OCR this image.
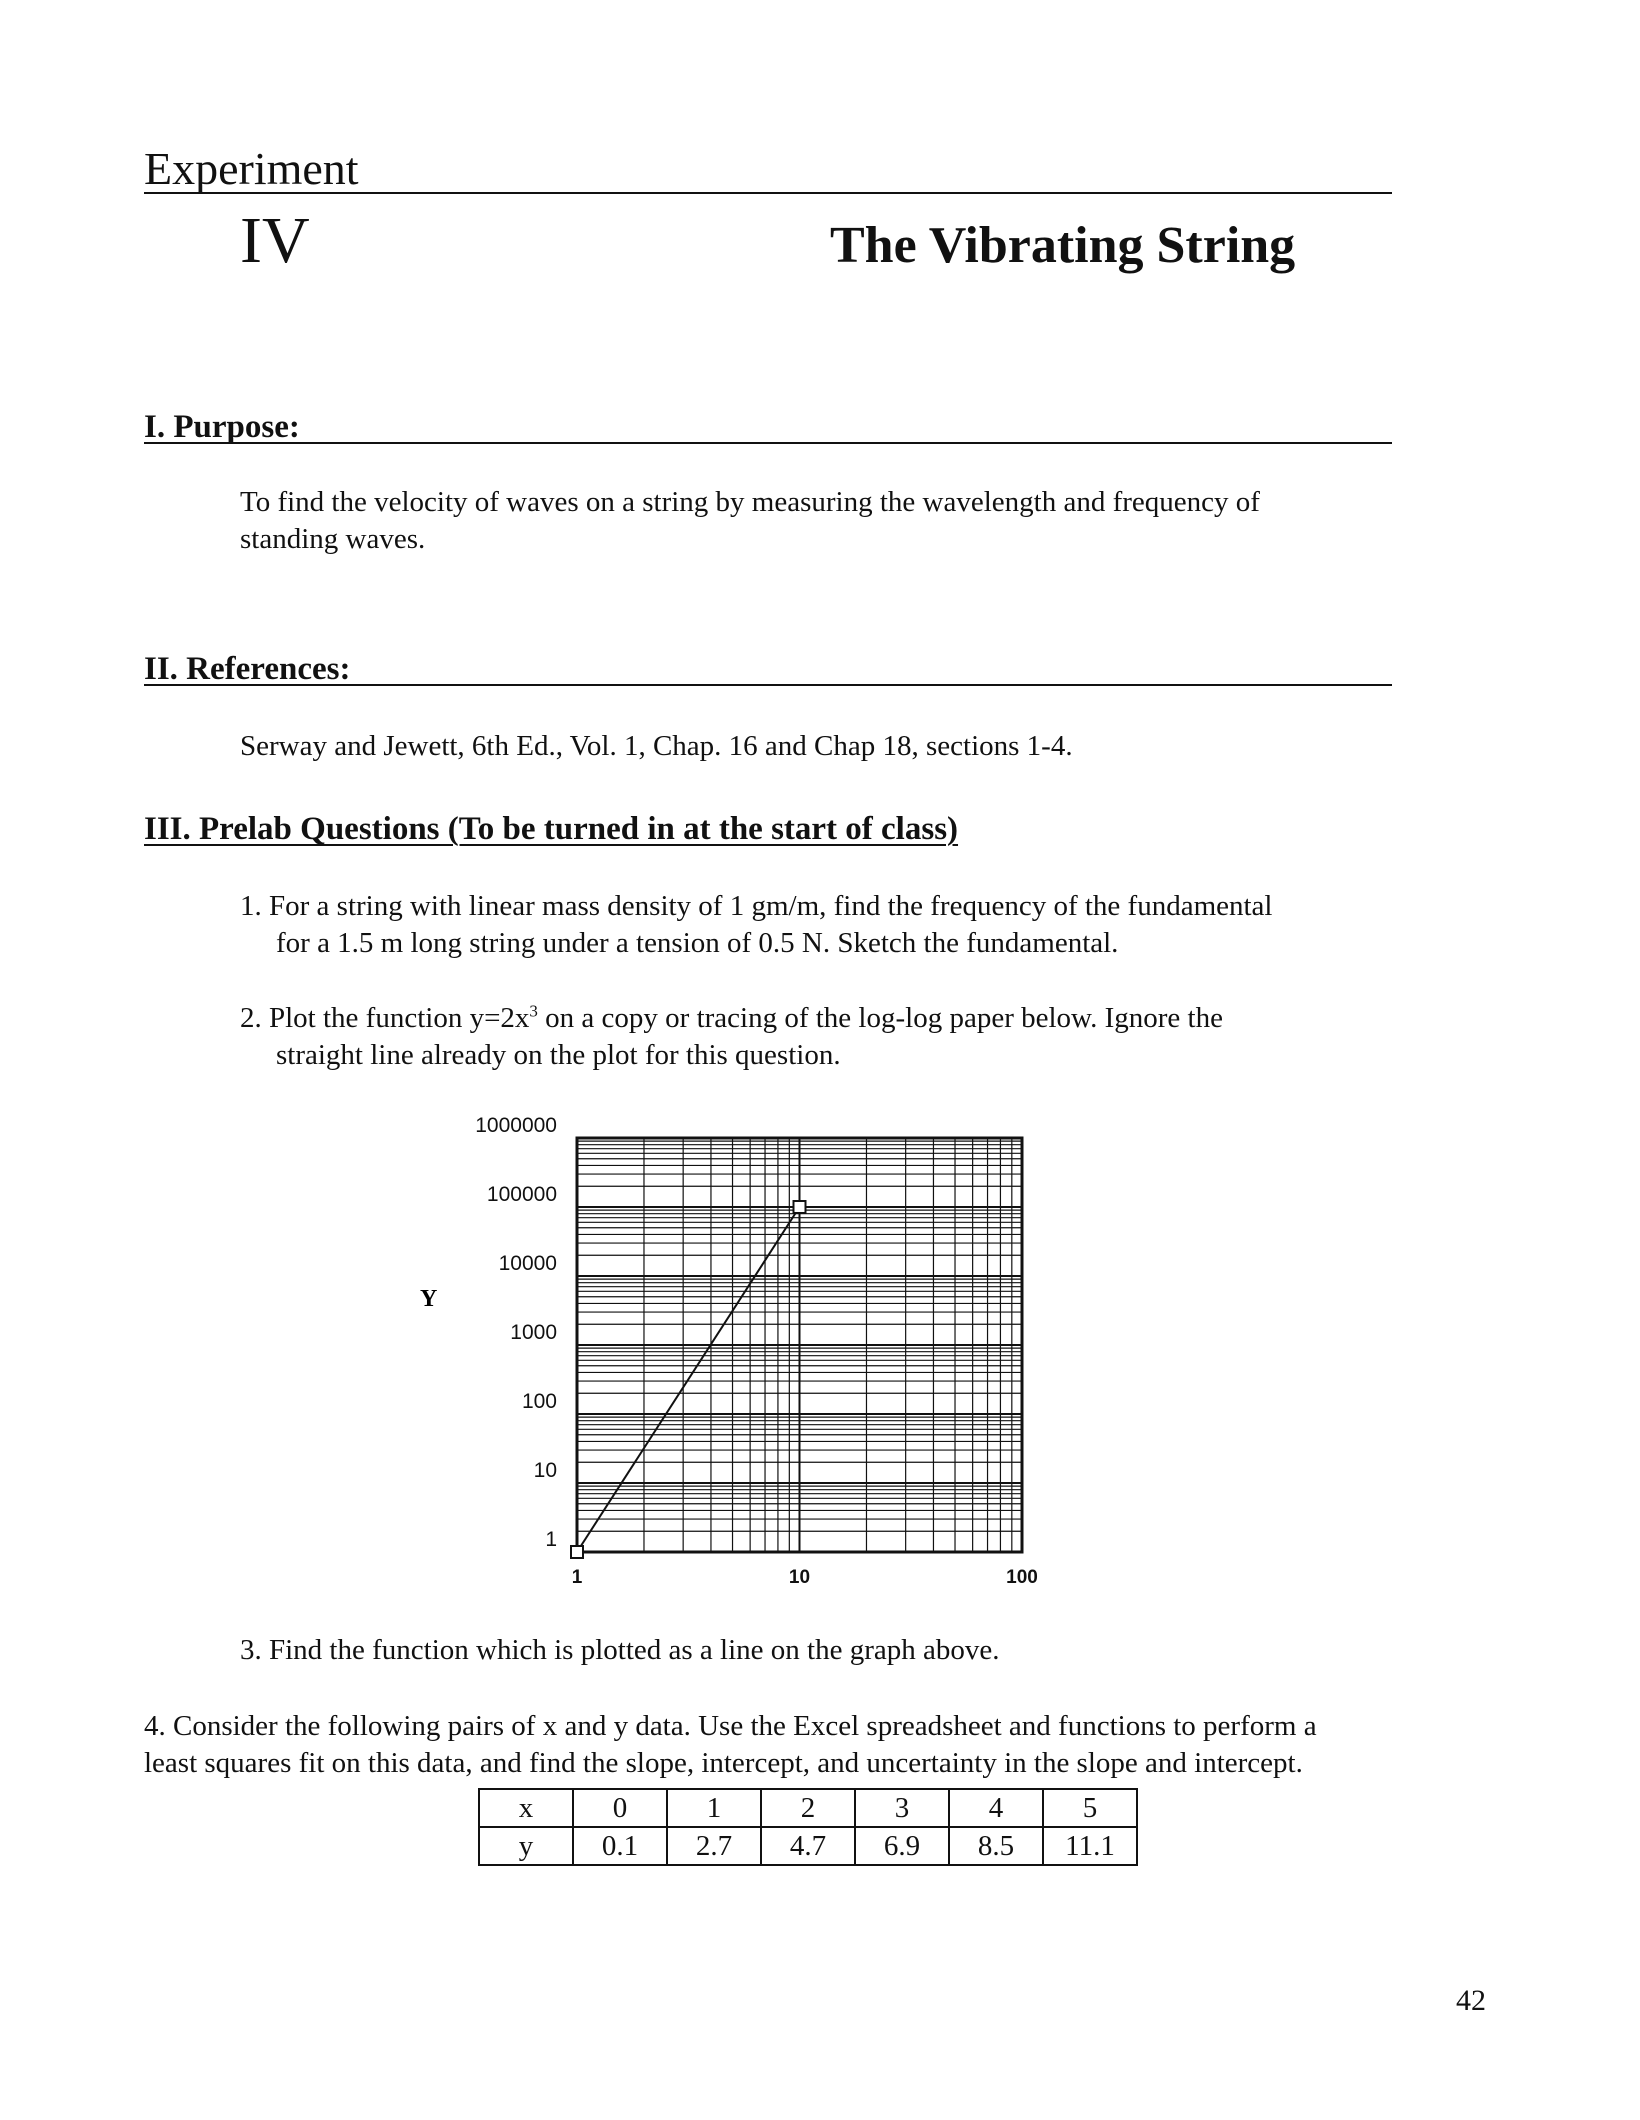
Experiment
IV	The Vibrating String
I. Purpose:
To find the velocity of waves on a string by measuring the wavelength and frequency of
standing waves.
II. References:
Serway and Jewett, 6th Ed., Vol. 1, Chap. 16 and Chap 18, sections 1-4.
III. Prelab Questions (To be turned in at the start of class)
1. For a string with linear mass density of 1 gm/m, find the frequency of the fundamental
for a 1.5 m long string under a tension of 0.5 N. Sketch the fundamental.
2. Plot the function $y=2x^3$ on a copy or tracing of the log-log paper below. Ignore the
straight line already on the plot for this question.
1	10	100
1
10
100
1000
10000
100000
1000000
Y
3. Find the function which is plotted as a line on the graph above.
4. Consider the following pairs of x and y data. Use the Excel spreadsheet and functions to perform a
least squares fit on this data, and find the slope, intercept, and uncertainty in the slope and intercept.
x	0	1	2	3	4	5
y	0.1	2.7	4.7	6.9	8.5	11.1
42
